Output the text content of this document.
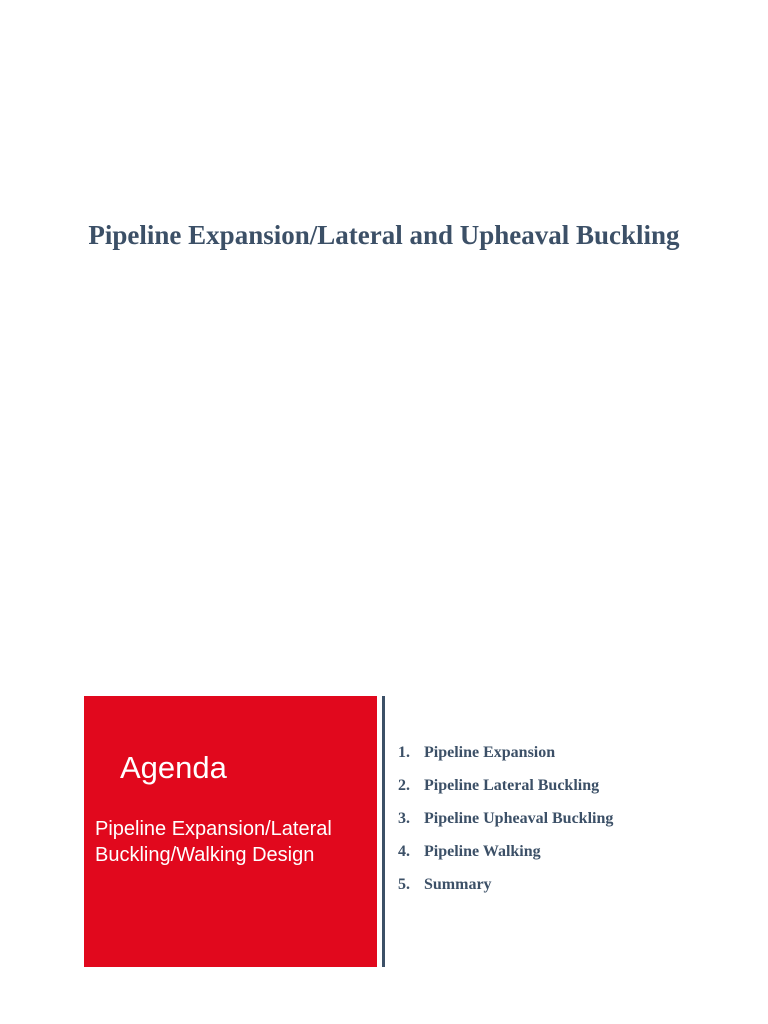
Pipeline Expansion/Lateral and Upheaval Buckling
Agenda
Pipeline Expansion/Lateral
Buckling/Walking Design
1. Pipeline Expansion
2. Pipeline Lateral Buckling
3. Pipeline Upheaval Buckling
4. Pipeline Walking
5. Summary
